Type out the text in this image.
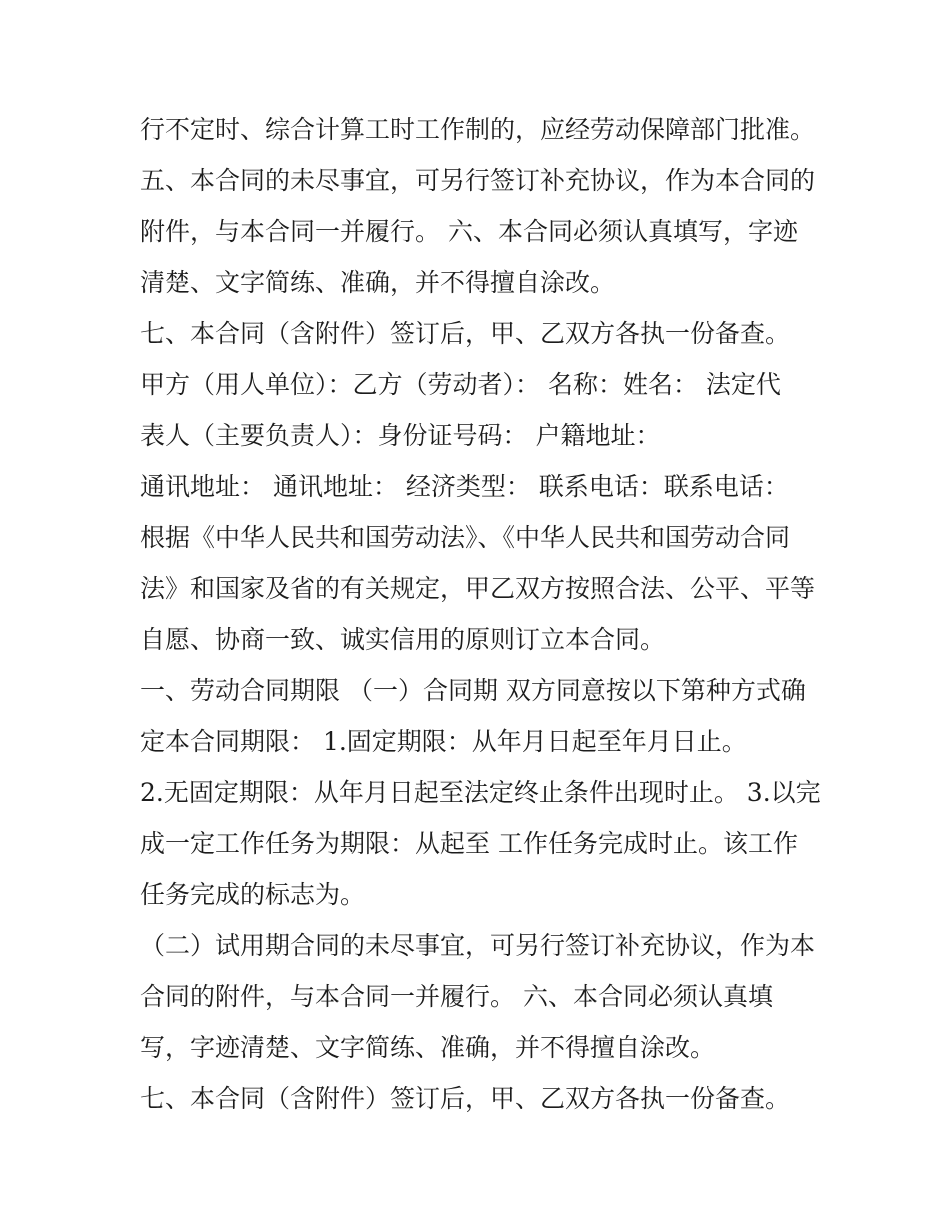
行不定时、综合计算工时工作制的，应经劳动保障部门批准。
五、本合同的未尽事宜，可另行签订补充协议，作为本合同的
附件，与本合同一并履行。 六、本合同必须认真填写，字迹
清楚、文字简练、准确，并不得擅自涂改。
七、本合同（含附件）签订后，甲、乙双方各执一份备查。
甲方（用人单位）：乙方（劳动者）： 名称：姓名： 法定代
表人（主要负责人）：身份证号码： 户籍地址：
通讯地址： 通讯地址： 经济类型： 联系电话：联系电话：
根据《中华人民共和国劳动法》、《中华人民共和国劳动合同
法》和国家及省的有关规定，甲乙双方按照合法、公平、平等
自愿、协商一致、诚实信用的原则订立本合同。
一、劳动合同期限 （一）合同期 双方同意按以下第种方式确
定本合同期限： 1.固定期限：从年月日起至年月日止。
2.无固定期限：从年月日起至法定终止条件出现时止。 3.以完
成一定工作任务为期限：从起至 工作任务完成时止。该工作
任务完成的标志为。
（二）试用期合同的未尽事宜，可另行签订补充协议，作为本
合同的附件，与本合同一并履行。 六、本合同必须认真填
写，字迹清楚、文字简练、准确，并不得擅自涂改。
七、本合同（含附件）签订后，甲、乙双方各执一份备查。
